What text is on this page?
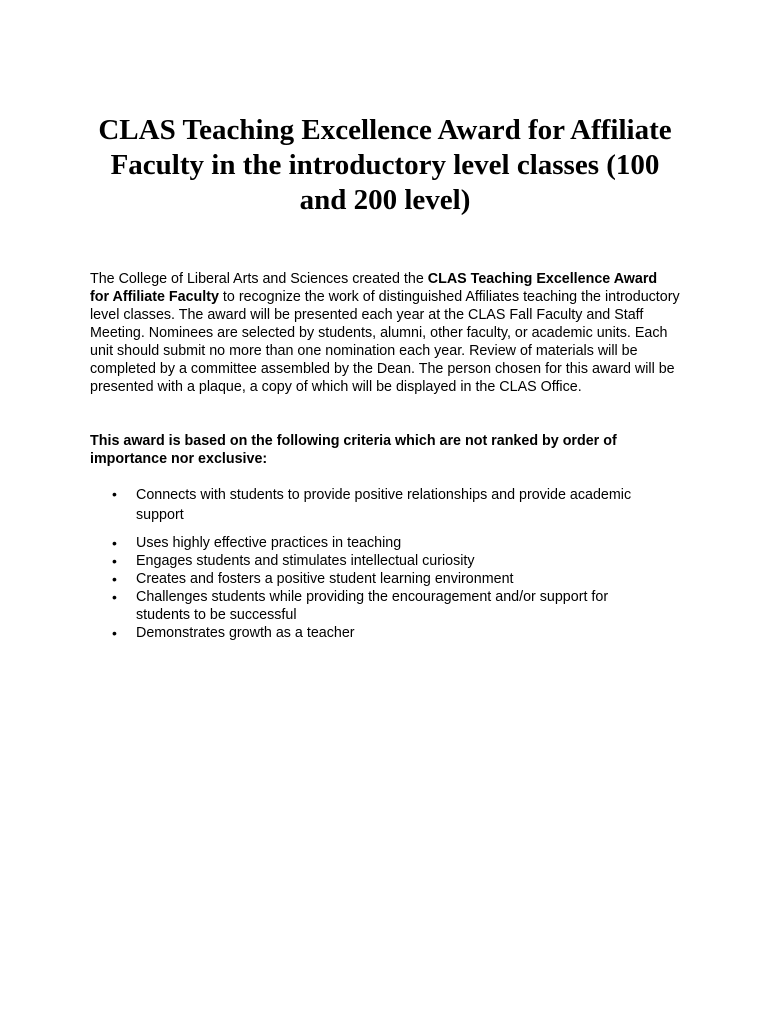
CLAS Teaching Excellence Award for Affiliate Faculty in the introductory level classes (100 and 200 level)

The College of Liberal Arts and Sciences created the CLAS Teaching Excellence Award for Affiliate Faculty to recognize the work of distinguished Affiliates teaching the introductory level classes. The award will be presented each year at the CLAS Fall Faculty and Staff Meeting. Nominees are selected by students, alumni, other faculty, or academic units. Each unit should submit no more than one nomination each year. Review of materials will be completed by a committee assembled by the Dean. The person chosen for this award will be presented with a plaque, a copy of which will be displayed in the CLAS Office.

This award is based on the following criteria which are not ranked by order of importance nor exclusive:

• Connects with students to provide positive relationships and provide academic support
• Uses highly effective practices in teaching
• Engages students and stimulates intellectual curiosity
• Creates and fosters a positive student learning environment
• Challenges students while providing the encouragement and/or support for students to be successful
• Demonstrates growth as a teacher
